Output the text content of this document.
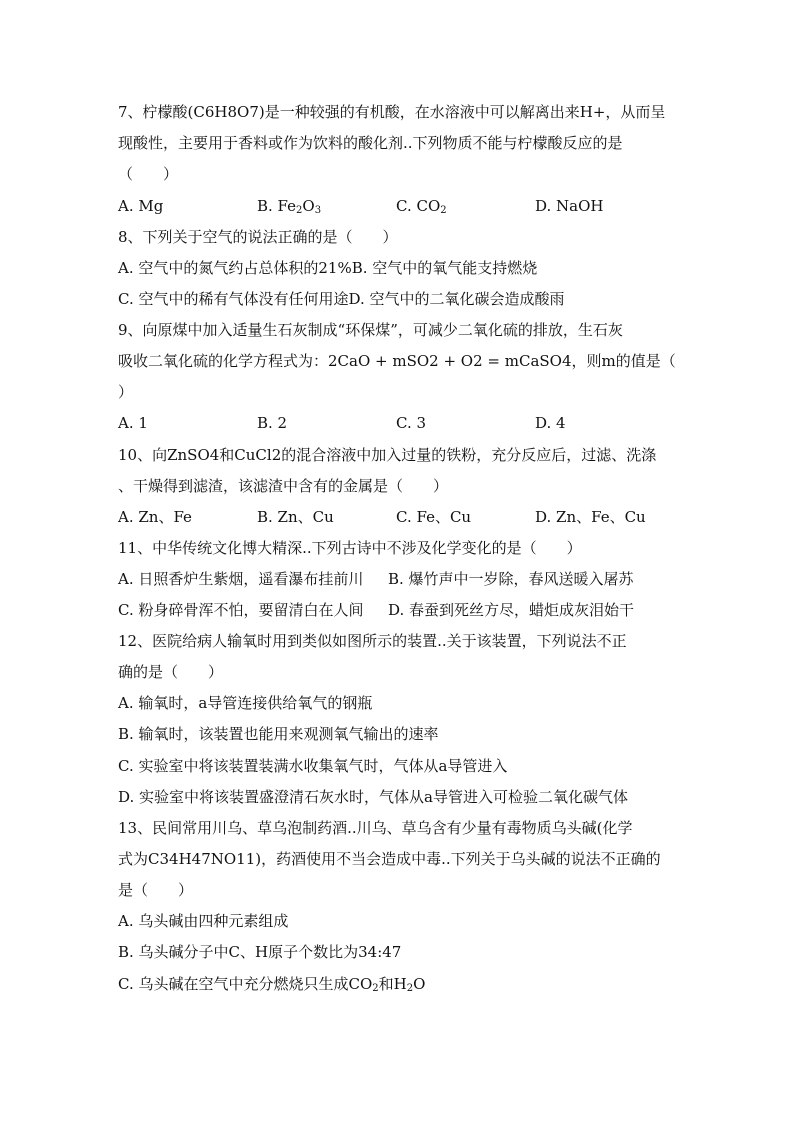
7、柠檬酸(C6H8O7)是一种较强的有机酸，在水溶液中可以解离出来H+，从而呈
现酸性，主要用于香料或作为饮料的酸化剂..下列物质不能与柠檬酸反应的是
（　　）
A. Mg	B. $Fe_2O_3$	C. $CO_2$	D. NaOH
8、下列关于空气的说法正确的是（　　）
A. 空气中的氮气约占总体积的21%B. 空气中的氧气能支持燃烧
C. 空气中的稀有气体没有任何用途D. 空气中的二氧化碳会造成酸雨
9、向原煤中加入适量生石灰制成“环保煤”，可减少二氧化硫的排放，生石灰
吸收二氧化硫的化学方程式为：2CaO + mSO2 + O2 = mCaSO4，则m的值是（
）
A. 1	B. 2	C. 3	D. 4
10、向ZnSO4和CuCl2的混合溶液中加入过量的铁粉，充分反应后，过滤、洗涤
、干燥得到滤渣，该滤渣中含有的金属是（　　）
A. Zn、Fe	B. Zn、Cu	C. Fe、Cu	D. Zn、Fe、Cu
11、中华传统文化博大精深..下列古诗中不涉及化学变化的是（　　）
A. 日照香炉生紫烟，遥看瀑布挂前川 B. 爆竹声中一岁除，春风送暖入屠苏
C. 粉身碎骨浑不怕，要留清白在人间 D. 春蚕到死丝方尽，蜡炬成灰泪始干
12、医院给病人输氧时用到类似如图所示的装置..关于该装置，下列说法不正
确的是（　　）
A. 输氧时，a导管连接供给氧气的钢瓶
B. 输氧时，该装置也能用来观测氧气输出的速率
C. 实验室中将该装置装满水收集氧气时，气体从a导管进入
D. 实验室中将该装置盛澄清石灰水时，气体从a导管进入可检验二氧化碳气体
13、民间常用川乌、草乌泡制药酒..川乌、草乌含有少量有毒物质乌头碱(化学
式为C34H47NO11)，药酒使用不当会造成中毒..下列关于乌头碱的说法不正确的
是（　　）
A. 乌头碱由四种元素组成
B. 乌头碱分子中C、H原子个数比为34:47
C. 乌头碱在空气中充分燃烧只生成$CO_2$和$H_2O$
